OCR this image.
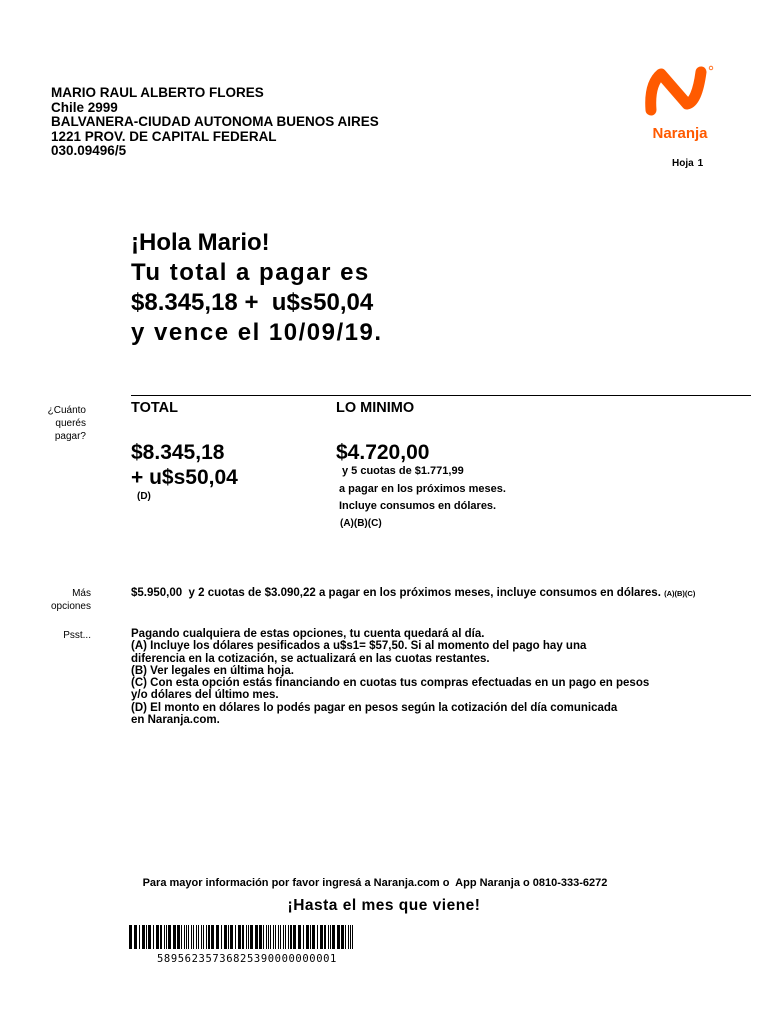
MARIO RAUL ALBERTO FLORES
Chile 2999
BALVANERA-CIUDAD AUTONOMA BUENOS AIRES
1221 PROV. DE CAPITAL FEDERAL
030.09496/5
Naranja
Hoja 1
¡Hola Mario!
Tu total a pagar es
$8.345,18 +  u$s50,04
y vence el 10/09/19.
¿Cuánto querés
pagar?
TOTAL
$8.345,18
+ u$s50,04
(D)
LO MINIMO
$4.720,00
y 5 cuotas de $1.771,99
a pagar en los próximos meses.
Incluye consumos en dólares.
(A)(B)(C)
Más
opciones
$5.950,00  y 2 cuotas de $3.090,22 a pagar en los próximos meses, incluye consumos en dólares. (A)(B)(C)
Psst...	Pagando cualquiera de estas opciones, tu cuenta quedará al día.
(A) Incluye los dólares pesificados a u$s1= $57,50. Si al momento del pago hay una
diferencia en la cotización, se actualizará en las cuotas restantes.
(B) Ver legales en última hoja.
(C) Con esta opción estás financiando en cuotas tus compras efectuadas en un pago en pesos
y/o dólares del último mes.
(D) El monto en dólares lo podés pagar en pesos según la cotización del día comunicada
en Naranja.com.
Para mayor información por favor ingresá a Naranja.com o  App Naranja o 0810-333-6272
¡Hasta el mes que viene!
58956235736825390000000001
